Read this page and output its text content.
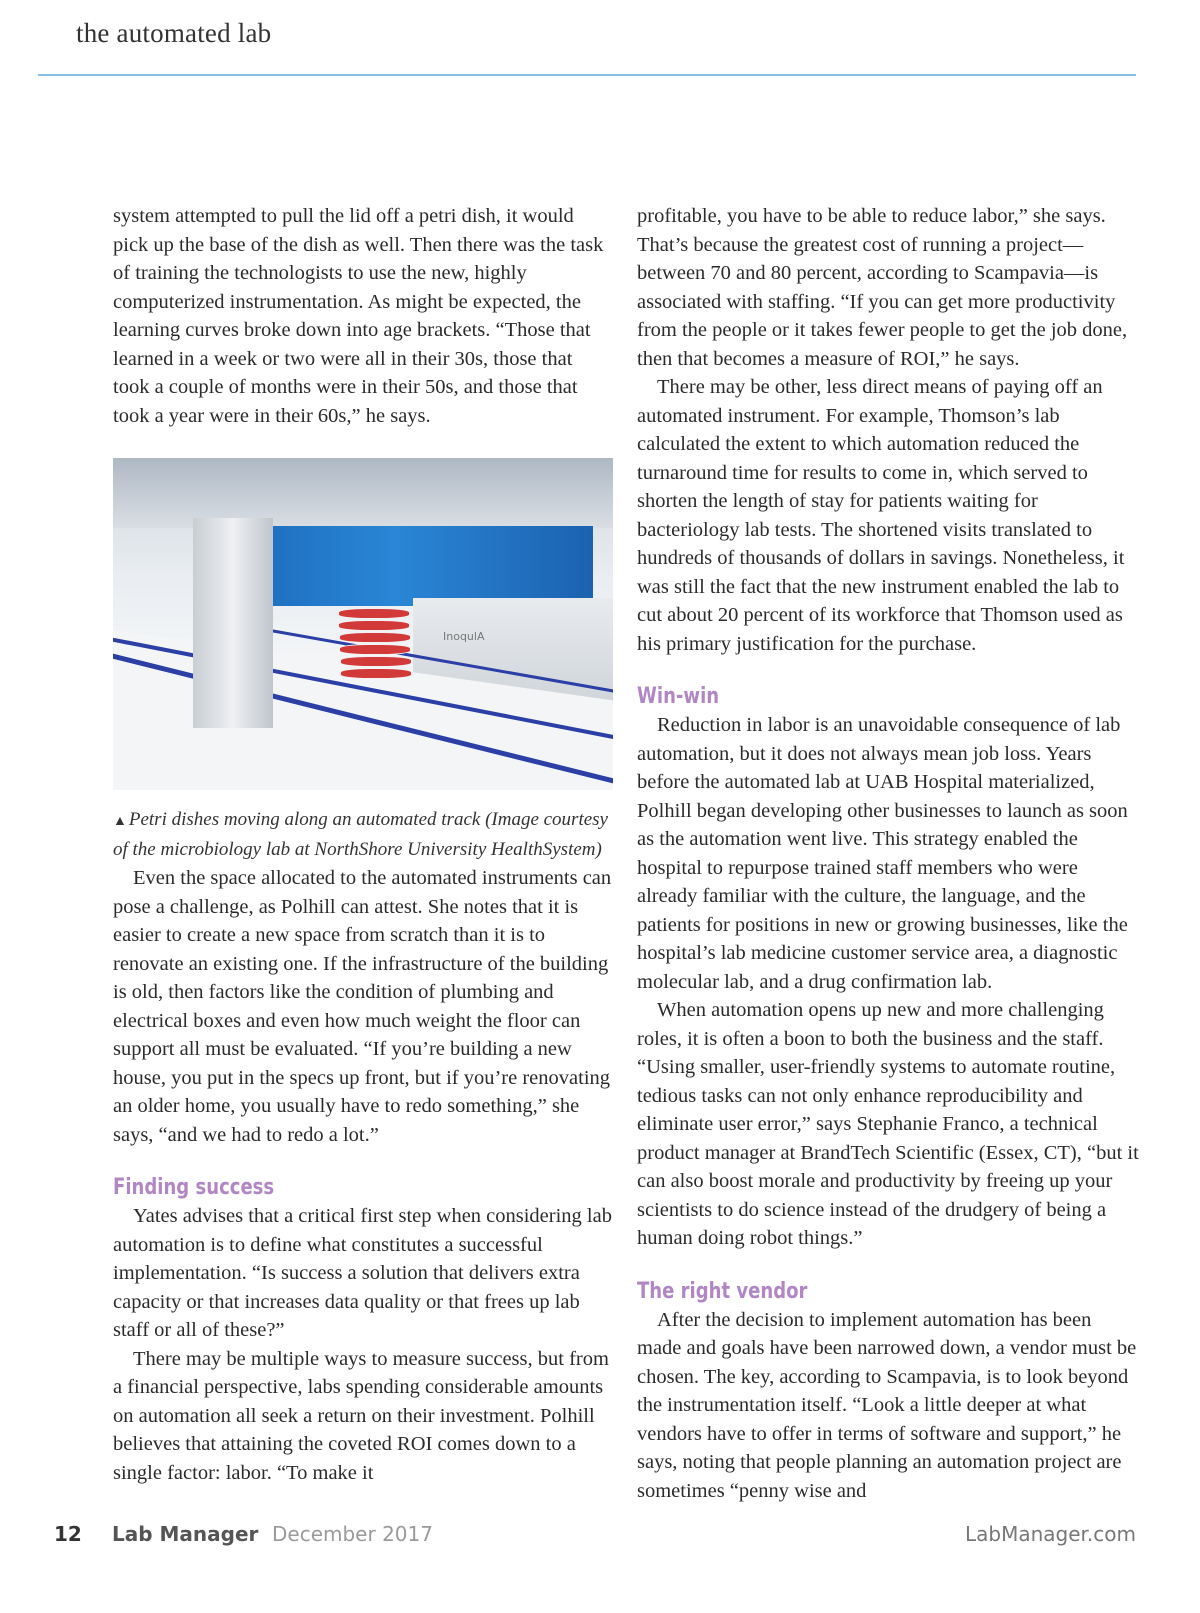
the automated lab

system attempted to pull the lid off a petri dish, it would pick up the base of the dish as well. Then there was the task of training the technologists to use the new, highly computerized instrumentation. As might be expected, the learning curves broke down into age brackets. “Those that learned in a week or two were all in their 30s, those that took a couple of months were in their 50s, and those that took a year were in their 60s,” he says.

InoqulA
▲ Petri dishes moving along an automated track (Image courtesy of the microbiology lab at NorthShore University HealthSystem)

Even the space allocated to the automated instruments can pose a challenge, as Polhill can attest. She notes that it is easier to create a new space from scratch than it is to renovate an existing one. If the infrastructure of the building is old, then factors like the condition of plumbing and electrical boxes and even how much weight the floor can support all must be evaluated. “If you’re building a new house, you put in the specs up front, but if you’re renovating an older home, you usually have to redo something,” she says, “and we had to redo a lot.”

Finding success

Yates advises that a critical first step when considering lab automation is to define what constitutes a successful implementation. “Is success a solution that delivers extra capacity or that increases data quality or that frees up lab staff or all of these?”

There may be multiple ways to measure success, but from a financial perspective, labs spending considerable amounts on automation all seek a return on their investment. Polhill believes that attaining the coveted ROI comes down to a single factor: labor. “To make it

profitable, you have to be able to reduce labor,” she says. That’s because the greatest cost of running a project—between 70 and 80 percent, according to Scampavia—is associated with staffing. “If you can get more productivity from the people or it takes fewer people to get the job done, then that becomes a measure of ROI,” he says.

There may be other, less direct means of paying off an automated instrument. For example, Thomson’s lab calculated the extent to which automation reduced the turnaround time for results to come in, which served to shorten the length of stay for patients waiting for bacteriology lab tests. The shortened visits translated to hundreds of thousands of dollars in savings. Nonetheless, it was still the fact that the new instrument enabled the lab to cut about 20 percent of its workforce that Thomson used as his primary justification for the purchase.

Win-win

Reduction in labor is an unavoidable consequence of lab automation, but it does not always mean job loss. Years before the automated lab at UAB Hospital materialized, Polhill began developing other businesses to launch as soon as the automation went live. This strategy enabled the hospital to repurpose trained staff members who were already familiar with the culture, the language, and the patients for positions in new or growing businesses, like the hospital’s lab medicine customer service area, a diagnostic molecular lab, and a drug confirmation lab.

When automation opens up new and more challenging roles, it is often a boon to both the business and the staff. “Using smaller, user-friendly systems to automate routine, tedious tasks can not only enhance reproducibility and eliminate user error,” says Stephanie Franco, a technical product manager at BrandTech Scientific (Essex, CT), “but it can also boost morale and productivity by freeing up your scientists to do science instead of the drudgery of being a human doing robot things.”

The right vendor

After the decision to implement automation has been made and goals have been narrowed down, a vendor must be chosen. The key, according to Scampavia, is to look beyond the instrumentation itself. “Look a little deeper at what vendors have to offer in terms of software and support,” he says, noting that people planning an automation project are sometimes “penny wise and

12 Lab Manager December 2017	LabManager.com
